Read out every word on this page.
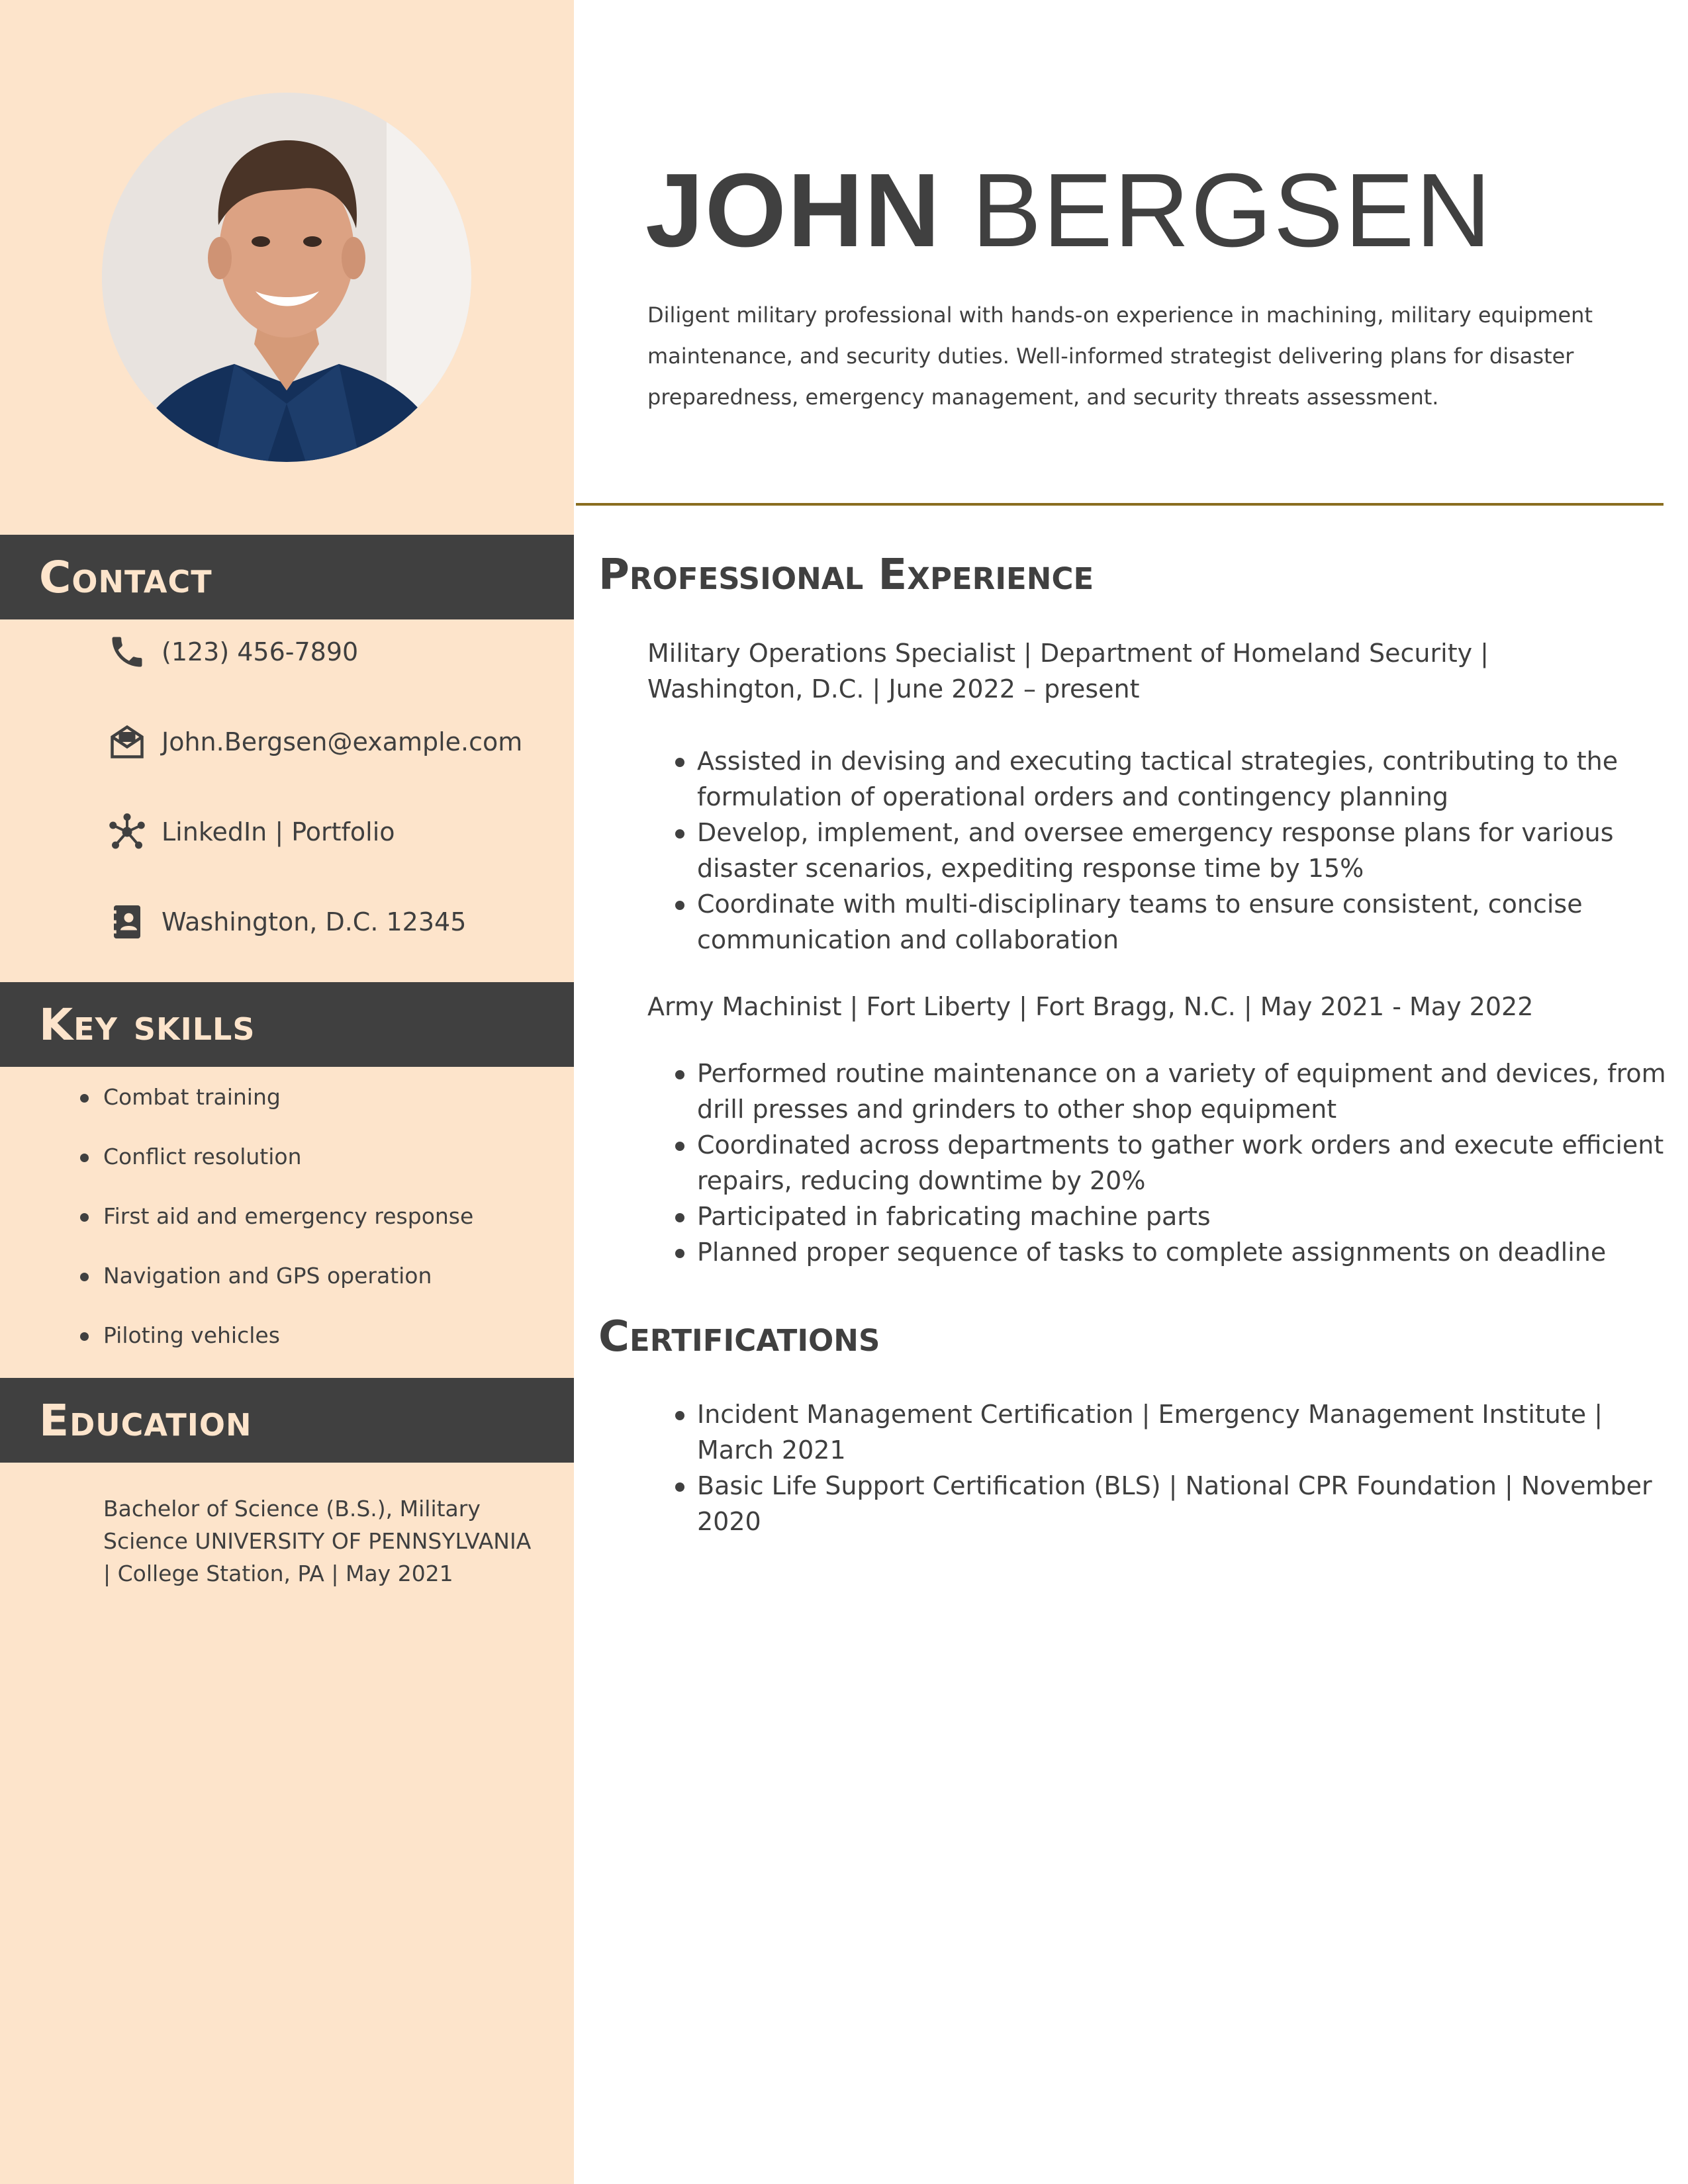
Contact
(123) 456-7890
John.Bergsen@example.com
LinkedIn | Portfolio
Washington, D.C. 12345
Key skills
Combat training
Conflict resolution
First aid and emergency response
Navigation and GPS operation
Piloting vehicles
Education
Bachelor of Science (B.S.), Military Science UNIVERSITY OF PENNSYLVANIA | College Station, PA | May 2021
JOHN BERGSEN
Diligent military professional with hands-on experience in machining, military equipment maintenance, and security duties. Well-informed strategist delivering plans for disaster preparedness, emergency management, and security threats assessment.
Professional Experience
Military Operations Specialist | Department of Homeland Security | Washington, D.C. | June 2022 – present
Assisted in devising and executing tactical strategies, contributing to the formulation of operational orders and contingency planning
Develop, implement, and oversee emergency response plans for various disaster scenarios, expediting response time by 15%
Coordinate with multi-disciplinary teams to ensure consistent, concise communication and collaboration
Army Machinist | Fort Liberty | Fort Bragg, N.C. | May 2021 - May 2022
Performed routine maintenance on a variety of equipment and devices, from drill presses and grinders to other shop equipment
Coordinated across departments to gather work orders and execute efficient repairs, reducing downtime by 20%
Participated in fabricating machine parts
Planned proper sequence of tasks to complete assignments on deadline
Certifications
Incident Management Certification | Emergency Management Institute | March 2021
Basic Life Support Certification (BLS) | National CPR Foundation | November 2020
